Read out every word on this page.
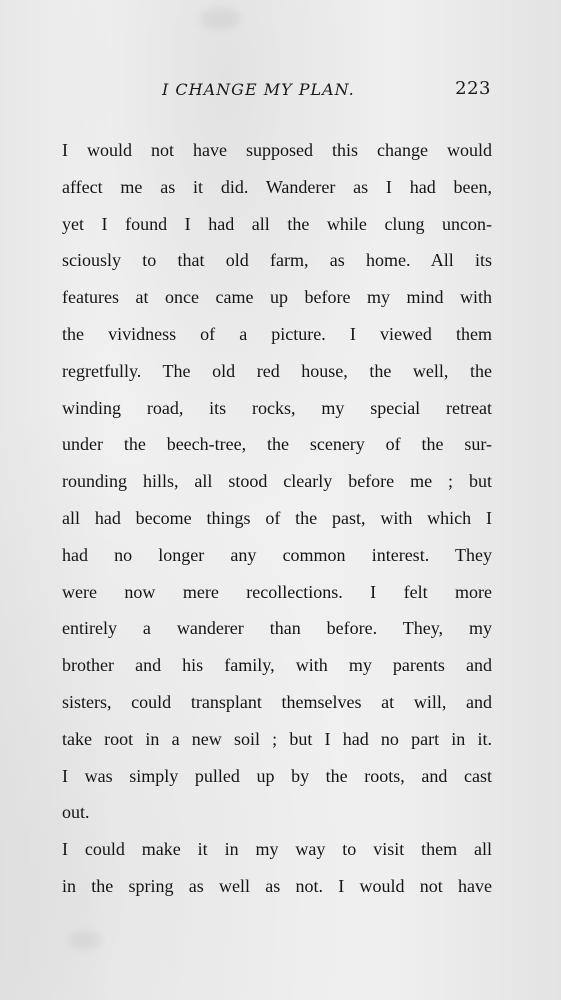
I CHANGE MY PLAN.	223
I would not have supposed this change would
affect me as it did. Wanderer as I had been,
yet I found I had all the while clung uncon-
sciously to that old farm, as home. All its
features at once came up before my mind with
the vividness of a picture. I viewed them
regretfully. The old red house, the well, the
winding road, its rocks, my special retreat
under the beech-tree, the scenery of the sur-
rounding hills, all stood clearly before me ; but
all had become things of the past, with which I
had no longer any common interest. They
were now mere recollections. I felt more
entirely a wanderer than before. They, my
brother and his family, with my parents and
sisters, could transplant themselves at will, and
take root in a new soil ; but I had no part in it.
I was simply pulled up by the roots, and cast
out.
I could make it in my way to visit them all
in the spring as well as not. I would not have
